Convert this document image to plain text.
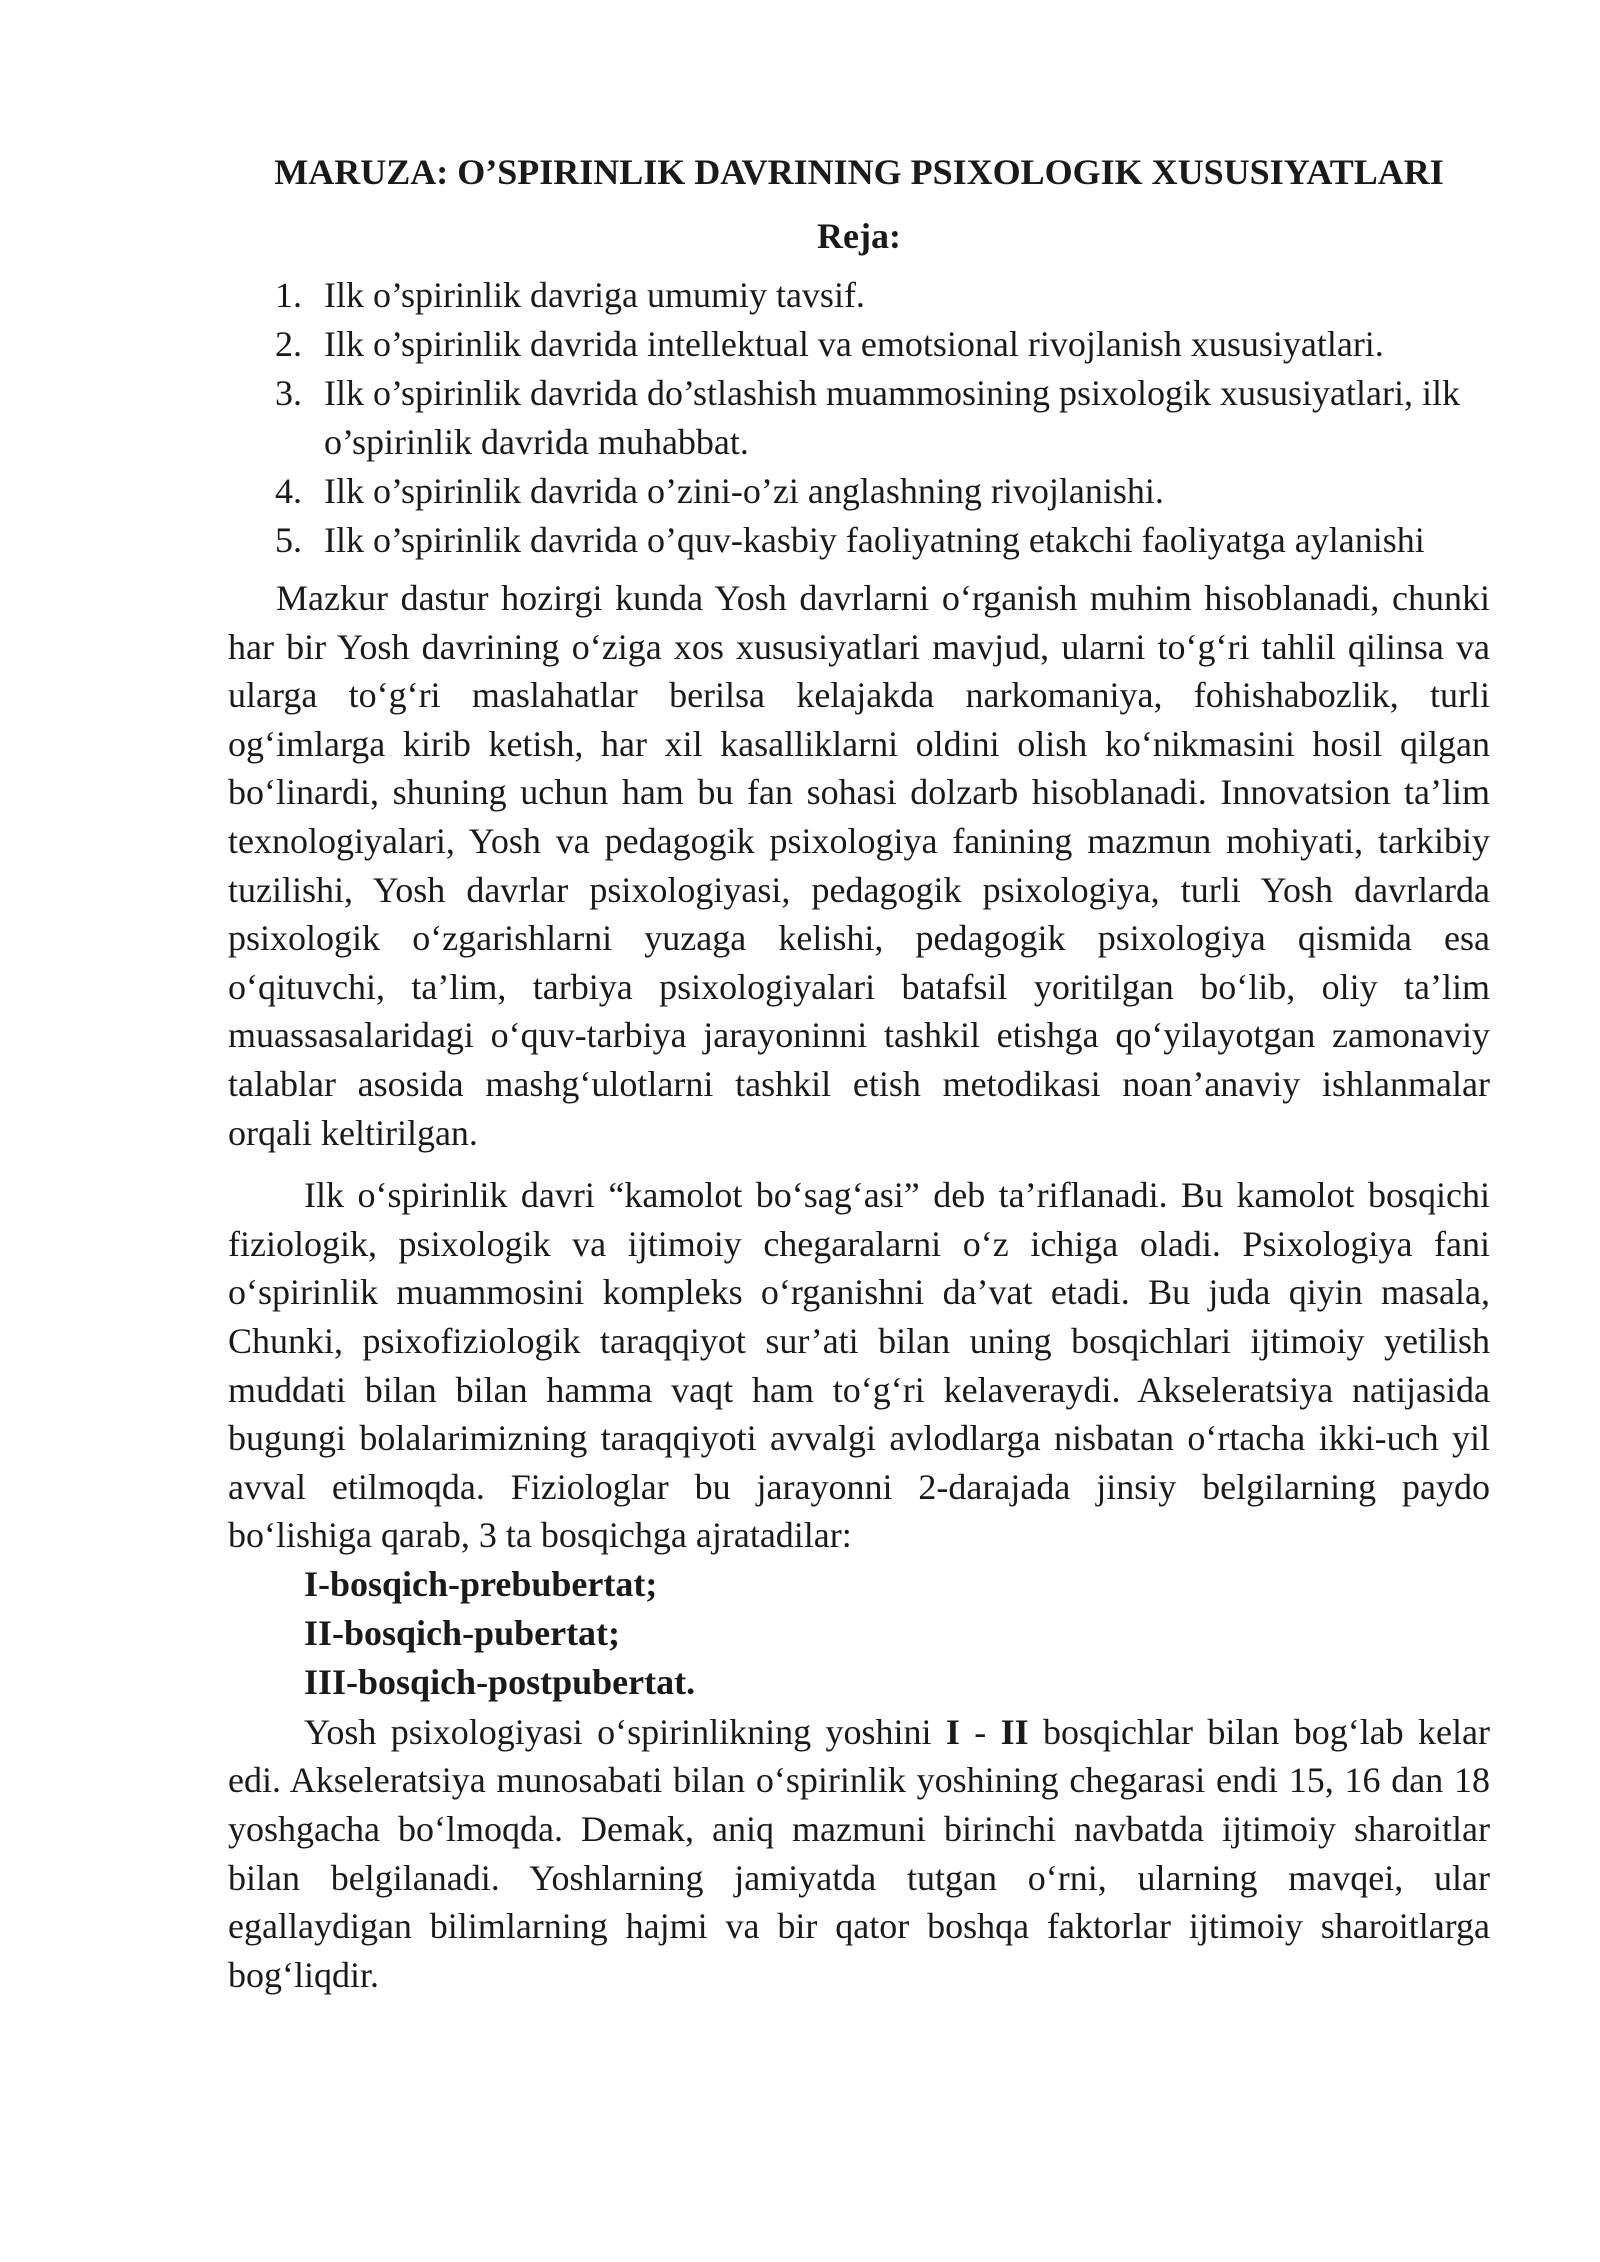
MARUZA: O’SPIRINLIK DAVRINING PSIXOLOGIK XUSUSIYATLARI
Reja:
1. Ilk o’spirinlik davriga umumiy tavsif.
2. Ilk o’spirinlik davrida intellektual va emotsional rivojlanish xususiyatlari.
3. Ilk o’spirinlik davrida do’stlashish muammosining psixologik xususiyatlari, ilk o’spirinlik davrida muhabbat.
4. Ilk o’spirinlik davrida o’zini-o’zi anglashning rivojlanishi.
5. Ilk o’spirinlik davrida o’quv-kasbiy faoliyatning etakchi faoliyatga aylanishi

Mazkur dastur hozirgi kunda Yosh davrlarni o‘rganish muhim hisoblanadi, chunki har bir Yosh davrining o‘ziga xos xususiyatlari mavjud, ularni to‘g‘ri tahlil qilinsa va ularga to‘g‘ri maslahatlar berilsa kelajakda narkomaniya, fohishabozlik, turli og‘imlarga kirib ketish, har xil kasalliklarni oldini olish ko‘nikmasini hosil qilgan bo‘linardi, shuning uchun ham bu fan sohasi dolzarb hisoblanadi. Innovatsion ta’lim texnologiyalari, Yosh va pedagogik psixologiya fanining mazmun mohiyati, tarkibiy tuzilishi, Yosh davrlar psixologiyasi, pedagogik psixologiya, turli Yosh davrlarda psixologik o‘zgarishlarni yuzaga kelishi, pedagogik psixologiya qismida esa o‘qituvchi, ta’lim, tarbiya psixologiyalari batafsil yoritilgan bo‘lib, oliy ta’lim muassasalaridagi o‘quv-tarbiya jarayoninni tashkil etishga qo‘yilayotgan zamonaviy talablar asosida mashg‘ulotlarni tashkil etish metodikasi noan’anaviy ishlanmalar orqali keltirilgan.

Ilk o‘spirinlik davri “kamolot bo‘sag‘asi” deb ta’riflanadi. Bu kamolot bosqichi fiziologik, psixologik va ijtimoiy chegaralarni o‘z ichiga oladi. Psixologiya fani o‘spirinlik muammosini kompleks o‘rganishni da’vat etadi. Bu juda qiyin masala, Chunki, psixofiziologik taraqqiyot sur’ati bilan uning bosqichlari ijtimoiy yetilish muddati bilan bilan hamma vaqt ham to‘g‘ri kelaveraydi. Akseleratsiya natijasida bugungi bolalarimizning taraqqiyoti avvalgi avlodlarga nisbatan o‘rtacha ikki-uch yil avval etilmoqda. Fiziologlar bu jarayonni 2-darajada jinsiy belgilarning paydo bo‘lishiga qarab, 3 ta bosqichga ajratadilar:

I-bosqich-prebubertat;
II-bosqich-pubertat;
III-bosqich-postpubertat.

Yosh psixologiyasi o‘spirinlikning yoshini I - II bosqichlar bilan bog‘lab kelar edi. Akseleratsiya munosabati bilan o‘spirinlik yoshining chegarasi endi 15, 16 dan 18 yoshgacha bo‘lmoqda. Demak, aniq mazmuni birinchi navbatda ijtimoiy sharoitlar bilan belgilanadi. Yoshlarning jamiyatda tutgan o‘rni, ularning mavqei, ular egallaydigan bilimlarning hajmi va bir qator boshqa faktorlar ijtimoiy sharoitlarga bog‘liqdir.
